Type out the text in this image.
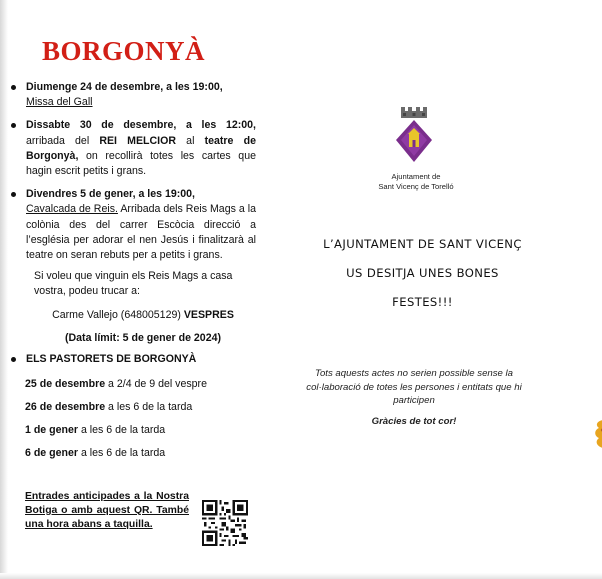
BORGONYÀ
Diumenge 24 de desembre, a les 19:00,
Missa del Gall
Dissabte 30 de desembre, a les 12:00, arribada del REI MELCIOR al teatre de Borgonyà, on recollirà totes les cartes que hagin escrit petits i grans.
Divendres 5 de gener, a les 19:00,
Cavalcada de Reis. Arribada dels Reis Mags a la colònia des del carrer Escòcia direcció a l’església per adorar el nen Jesús i finalitzarà al teatre on seran rebuts per a petits i grans.
Si voleu que vinguin els Reis Mags a casa vostra, podeu trucar a:
Carme Vallejo (648005129) VESPRES
(Data límit: 5 de gener de 2024)
ELS PASTORETS DE BORGONYÀ
25 de desembre a 2/4 de 9 del vespre
26 de desembre a les 6 de la tarda
1 de gener a les 6 de la tarda
6 de gener a les 6 de la tarda
Entrades anticipades a la Nostra Botiga o amb aquest QR. També una hora abans a taquilla.
Ajuntament de
Sant Vicenç de Torelló
L’AJUNTAMENT DE SANT VICENÇ
US DESITJA UNES BONES
FESTES!!!
Tots aquests actes no serien possible sense la col·laboració de totes les persones i entitats que hi participen
Gràcies de tot cor!
